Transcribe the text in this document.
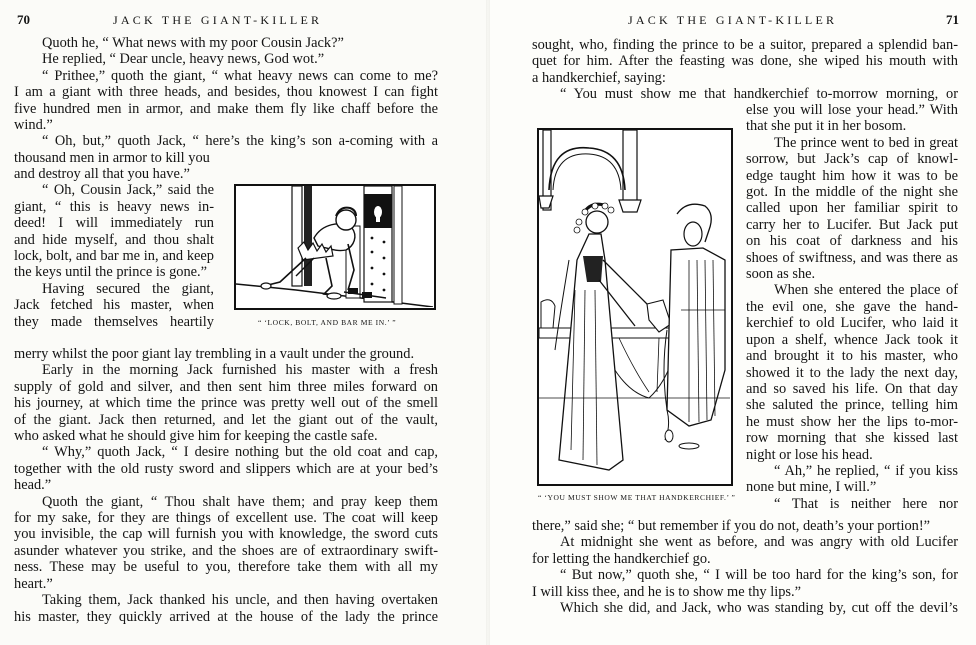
70	JACK THE GIANT-KILLER
Quoth he, “ What news with my poor Cousin Jack?”
He replied, “ Dear uncle, heavy news, God wot.”
“ Prithee,” quoth the giant, “ what heavy news can come to me?
I am a giant with three heads, and besides, thou knowest I can fight
five hundred men in armor, and make them fly like chaff before the
wind.”
“ Oh, but,” quoth Jack, “ here’s the king’s son a-coming with a
thousand men in armor to kill you
and destroy all that you have.”
“ Oh, Cousin Jack,” said the
giant, “ this is heavy news in-
deed! I will immediately run
and hide myself, and thou shalt
lock, bolt, and bar me in, and keep
the keys until the prince is gone.”
Having secured the giant,
Jack fetched his master, when
they made themselves heartily
merry whilst the poor giant lay trembling in a vault under the ground.
Early in the morning Jack furnished his master with a fresh
supply of gold and silver, and then sent him three miles forward on
his journey, at which time the prince was pretty well out of the smell
of the giant. Jack then returned, and let the giant out of the vault,
who asked what he should give him for keeping the castle safe.
“ Why,” quoth Jack, “ I desire nothing but the old coat and cap,
together with the old rusty sword and slippers which are at your bed’s
head.”
Quoth the giant, “ Thou shalt have them; and pray keep them
for my sake, for they are things of excellent use. The coat will keep
you invisible, the cap will furnish you with knowledge, the sword cuts
asunder whatever you strike, and the shoes are of extraordinary swift-
ness. These may be useful to you, therefore take them with all my
heart.”
Taking them, Jack thanked his uncle, and then having overtaken
his master, they quickly arrived at the house of the lady the prince
“ ‘LOCK, BOLT, AND BAR ME IN.’ ”
JACK THE GIANT-KILLER	71
sought, who, finding the prince to be a suitor, prepared a splendid ban-
quet for him. After the feasting was done, she wiped his mouth with
a handkerchief, saying:
“ You must show me that handkerchief to-morrow morning, or
else you will lose your head.” With
that she put it in her bosom.
The prince went to bed in great
sorrow, but Jack’s cap of knowl-
edge taught him how it was to be
got. In the middle of the night she
called upon her familiar spirit to
carry her to Lucifer. But Jack put
on his coat of darkness and his
shoes of swiftness, and was there as
soon as she.
When she entered the place of
the evil one, she gave the hand-
kerchief to old Lucifer, who laid it
upon a shelf, whence Jack took it
and brought it to his master, who
showed it to the lady the next day,
and so saved his life. On that day
she saluted the prince, telling him
he must show her the lips to-mor-
row morning that she kissed last
night or lose his head.
“ Ah,” he replied, “ if you kiss
none but mine, I will.”
“ That is neither here nor
there,” said she; “ but remember if you do not, death’s your portion!”
At midnight she went as before, and was angry with old Lucifer
for letting the handkerchief go.
“ But now,” quoth she, “ I will be too hard for the king’s son, for
I will kiss thee, and he is to show me thy lips.”
Which she did, and Jack, who was standing by, cut off the devil’s
“ ‘YOU MUST SHOW ME THAT HANDKERCHIEF.’ ”
